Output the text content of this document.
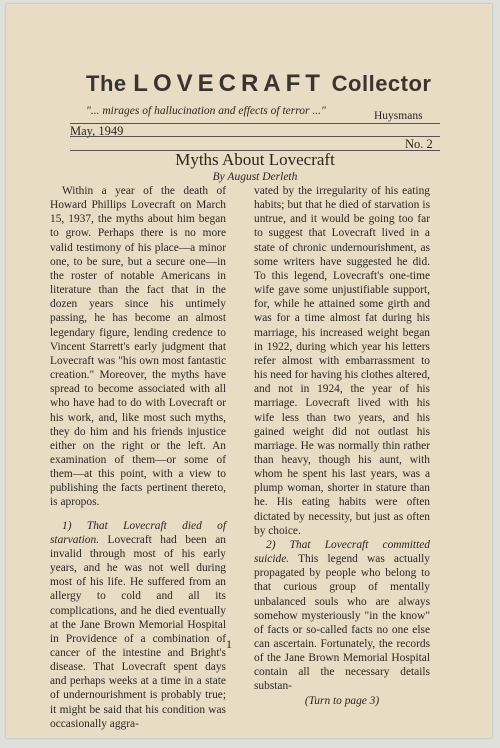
The LOVECRAFT Collector
"... mirages of hallucination and effects of terror ..."	Huysmans
May, 1949
No. 2
Myths About Lovecraft
By August Derleth

Within a year of the death of Howard Phillips Lovecraft on March 15, 1937, the myths about him began to grow. Perhaps there is no more valid testimony of his place—a minor one, to be sure, but a secure one—in the roster of notable Americans in literature than the fact that in the dozen years since his untimely passing, he has become an almost legendary figure, lending credence to Vincent Starrett's early judgment that Lovecraft was "his own most fantastic creation." Moreover, the myths have spread to become associated with all who have had to do with Lovecraft or his work, and, like most such myths, they do him and his friends injustice either on the right or the left. An examination of them—or some of them—at this point, with a view to publishing the facts pertinent thereto, is apropos.

1) That Lovecraft died of starvation. Lovecraft had been an invalid through most of his early years, and he was not well during most of his life. He suffered from an allergy to cold and all its complications, and he died eventually at the Jane Brown Memorial Hospital in Providence of a combination of cancer of the intestine and Bright's disease. That Lovecraft spent days and perhaps weeks at a time in a state of undernourishment is probably true; it might be said that his condition was occasionally aggra-

vated by the irregularity of his eating habits; but that he died of starvation is untrue, and it would be going too far to suggest that Lovecraft lived in a state of chronic undernourishment, as some writers have suggested he did. To this legend, Lovecraft's one-time wife gave some unjustifiable support, for, while he attained some girth and was for a time almost fat during his marriage, his increased weight began in 1922, during which year his letters refer almost with embarrassment to his need for having his clothes altered, and not in 1924, the year of his marriage. Lovecraft lived with his wife less than two years, and his gained weight did not outlast his marriage. He was normally thin rather than heavy, though his aunt, with whom he spent his last years, was a plump woman, shorter in stature than he. His eating habits were often dictated by necessity, but just as often by choice.

2) That Lovecraft committed suicide. This legend was actually propagated by people who belong to that curious group of mentally unbalanced souls who are always somehow mysteriously "in the know" of facts or so-called facts no one else can ascertain. Fortunately, the records of the Jane Brown Memorial Hospital contain all the necessary details substan-

(Turn to page 3)

1
